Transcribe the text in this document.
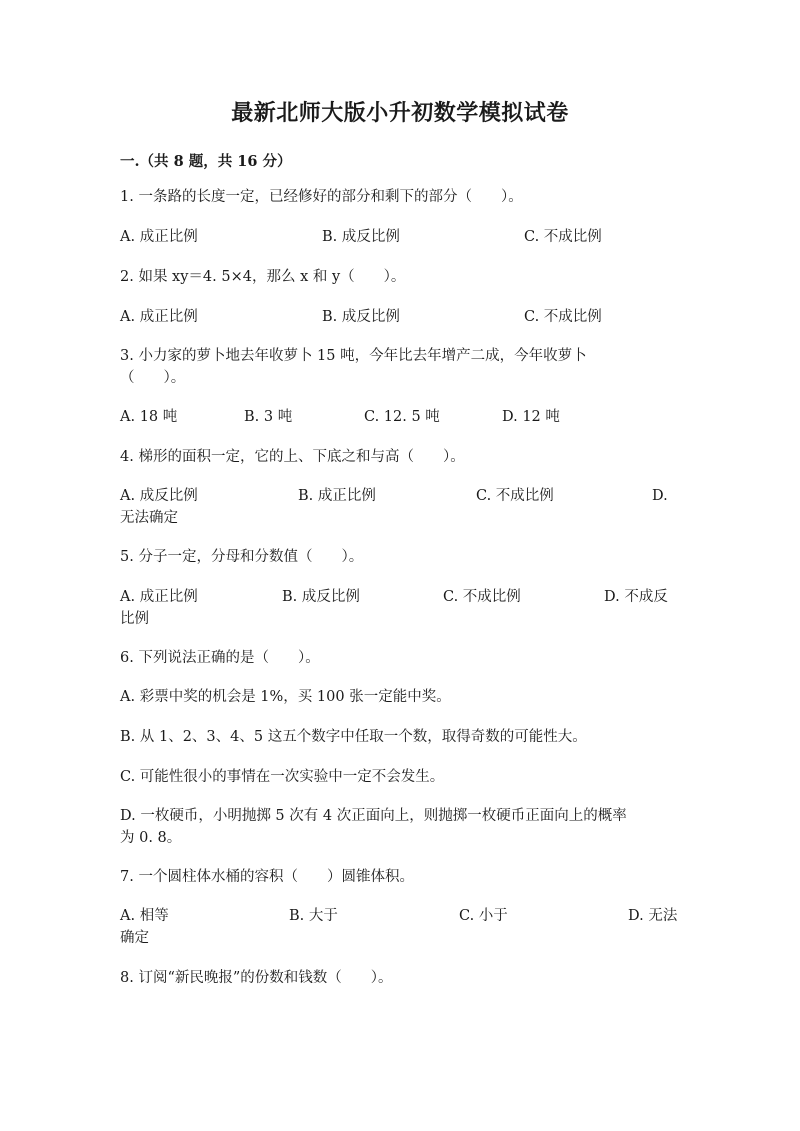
最新北师大版小升初数学模拟试卷
一.（共 8 题，共 16 分）
1. 一条路的长度一定，已经修好的部分和剩下的部分（　　）。
A. 成正比例	B. 成反比例	C. 不成比例
2. 如果 xy＝4. 5×4，那么 x 和 y（　　）。
A. 成正比例	B. 成反比例	C. 不成比例
3. 小力家的萝卜地去年收萝卜 15 吨，今年比去年增产二成，今年收萝卜
（　　）。
A. 18 吨	B. 3 吨	C. 12. 5 吨	D. 12 吨
4. 梯形的面积一定，它的上、下底之和与高（　　）。
A. 成反比例	B. 成正比例	C. 不成比例	D.
无法确定
5. 分子一定，分母和分数值（　　）。
A. 成正比例	B. 成反比例	C. 不成比例	D. 不成反
比例
6. 下列说法正确的是（　　）。
A. 彩票中奖的机会是 1%，买 100 张一定能中奖。
B. 从 1、2、3、4、5 这五个数字中任取一个数，取得奇数的可能性大。
C. 可能性很小的事情在一次实验中一定不会发生。
D. 一枚硬币，小明抛掷 5 次有 4 次正面向上，则抛掷一枚硬币正面向上的概率
为 0. 8。
7. 一个圆柱体水桶的容积（　　）圆锥体积。
A. 相等	B. 大于	C. 小于	D. 无法
确定
8. 订阅“新民晚报”的份数和钱数（　　）。
